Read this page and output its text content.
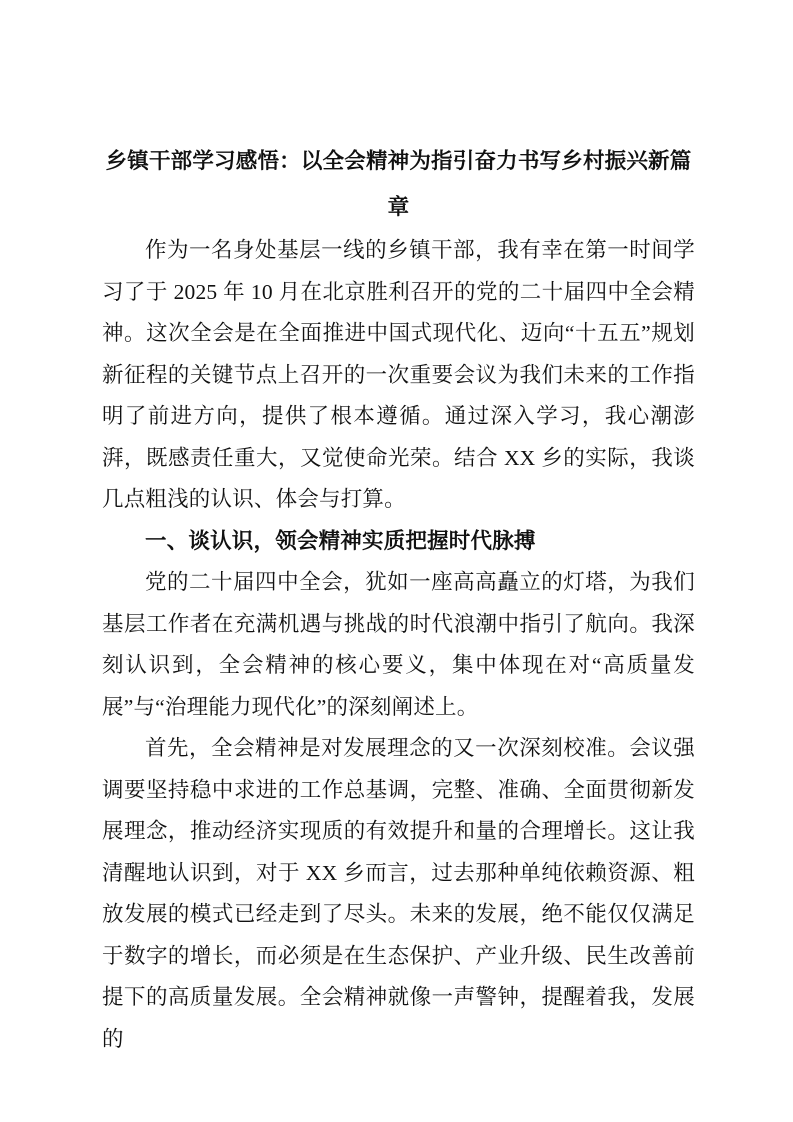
乡镇干部学习感悟：以全会精神为指引奋力书写乡村振兴新篇章

作为一名身处基层一线的乡镇干部，我有幸在第一时间学习了于 2025 年 10 月在北京胜利召开的党的二十届四中全会精神。这次全会是在全面推进中国式现代化、迈向“十五五”规划新征程的关键节点上召开的一次重要会议为我们未来的工作指明了前进方向，提供了根本遵循。通过深入学习，我心潮澎湃，既感责任重大，又觉使命光荣。结合 XX 乡的实际，我谈几点粗浅的认识、体会与打算。

一、谈认识，领会精神实质把握时代脉搏

党的二十届四中全会，犹如一座高高矗立的灯塔，为我们基层工作者在充满机遇与挑战的时代浪潮中指引了航向。我深刻认识到，全会精神的核心要义，集中体现在对“高质量发展”与“治理能力现代化”的深刻阐述上。

首先，全会精神是对发展理念的又一次深刻校准。会议强调要坚持稳中求进的工作总基调，完整、准确、全面贯彻新发展理念，推动经济实现质的有效提升和量的合理增长。这让我清醒地认识到，对于 XX 乡而言，过去那种单纯依赖资源、粗放发展的模式已经走到了尽头。未来的发展，绝不能仅仅满足于数字的增长，而必须是在生态保护、产业升级、民生改善前提下的高质量发展。全会精神就像一声警钟，提醒着我，发展的
